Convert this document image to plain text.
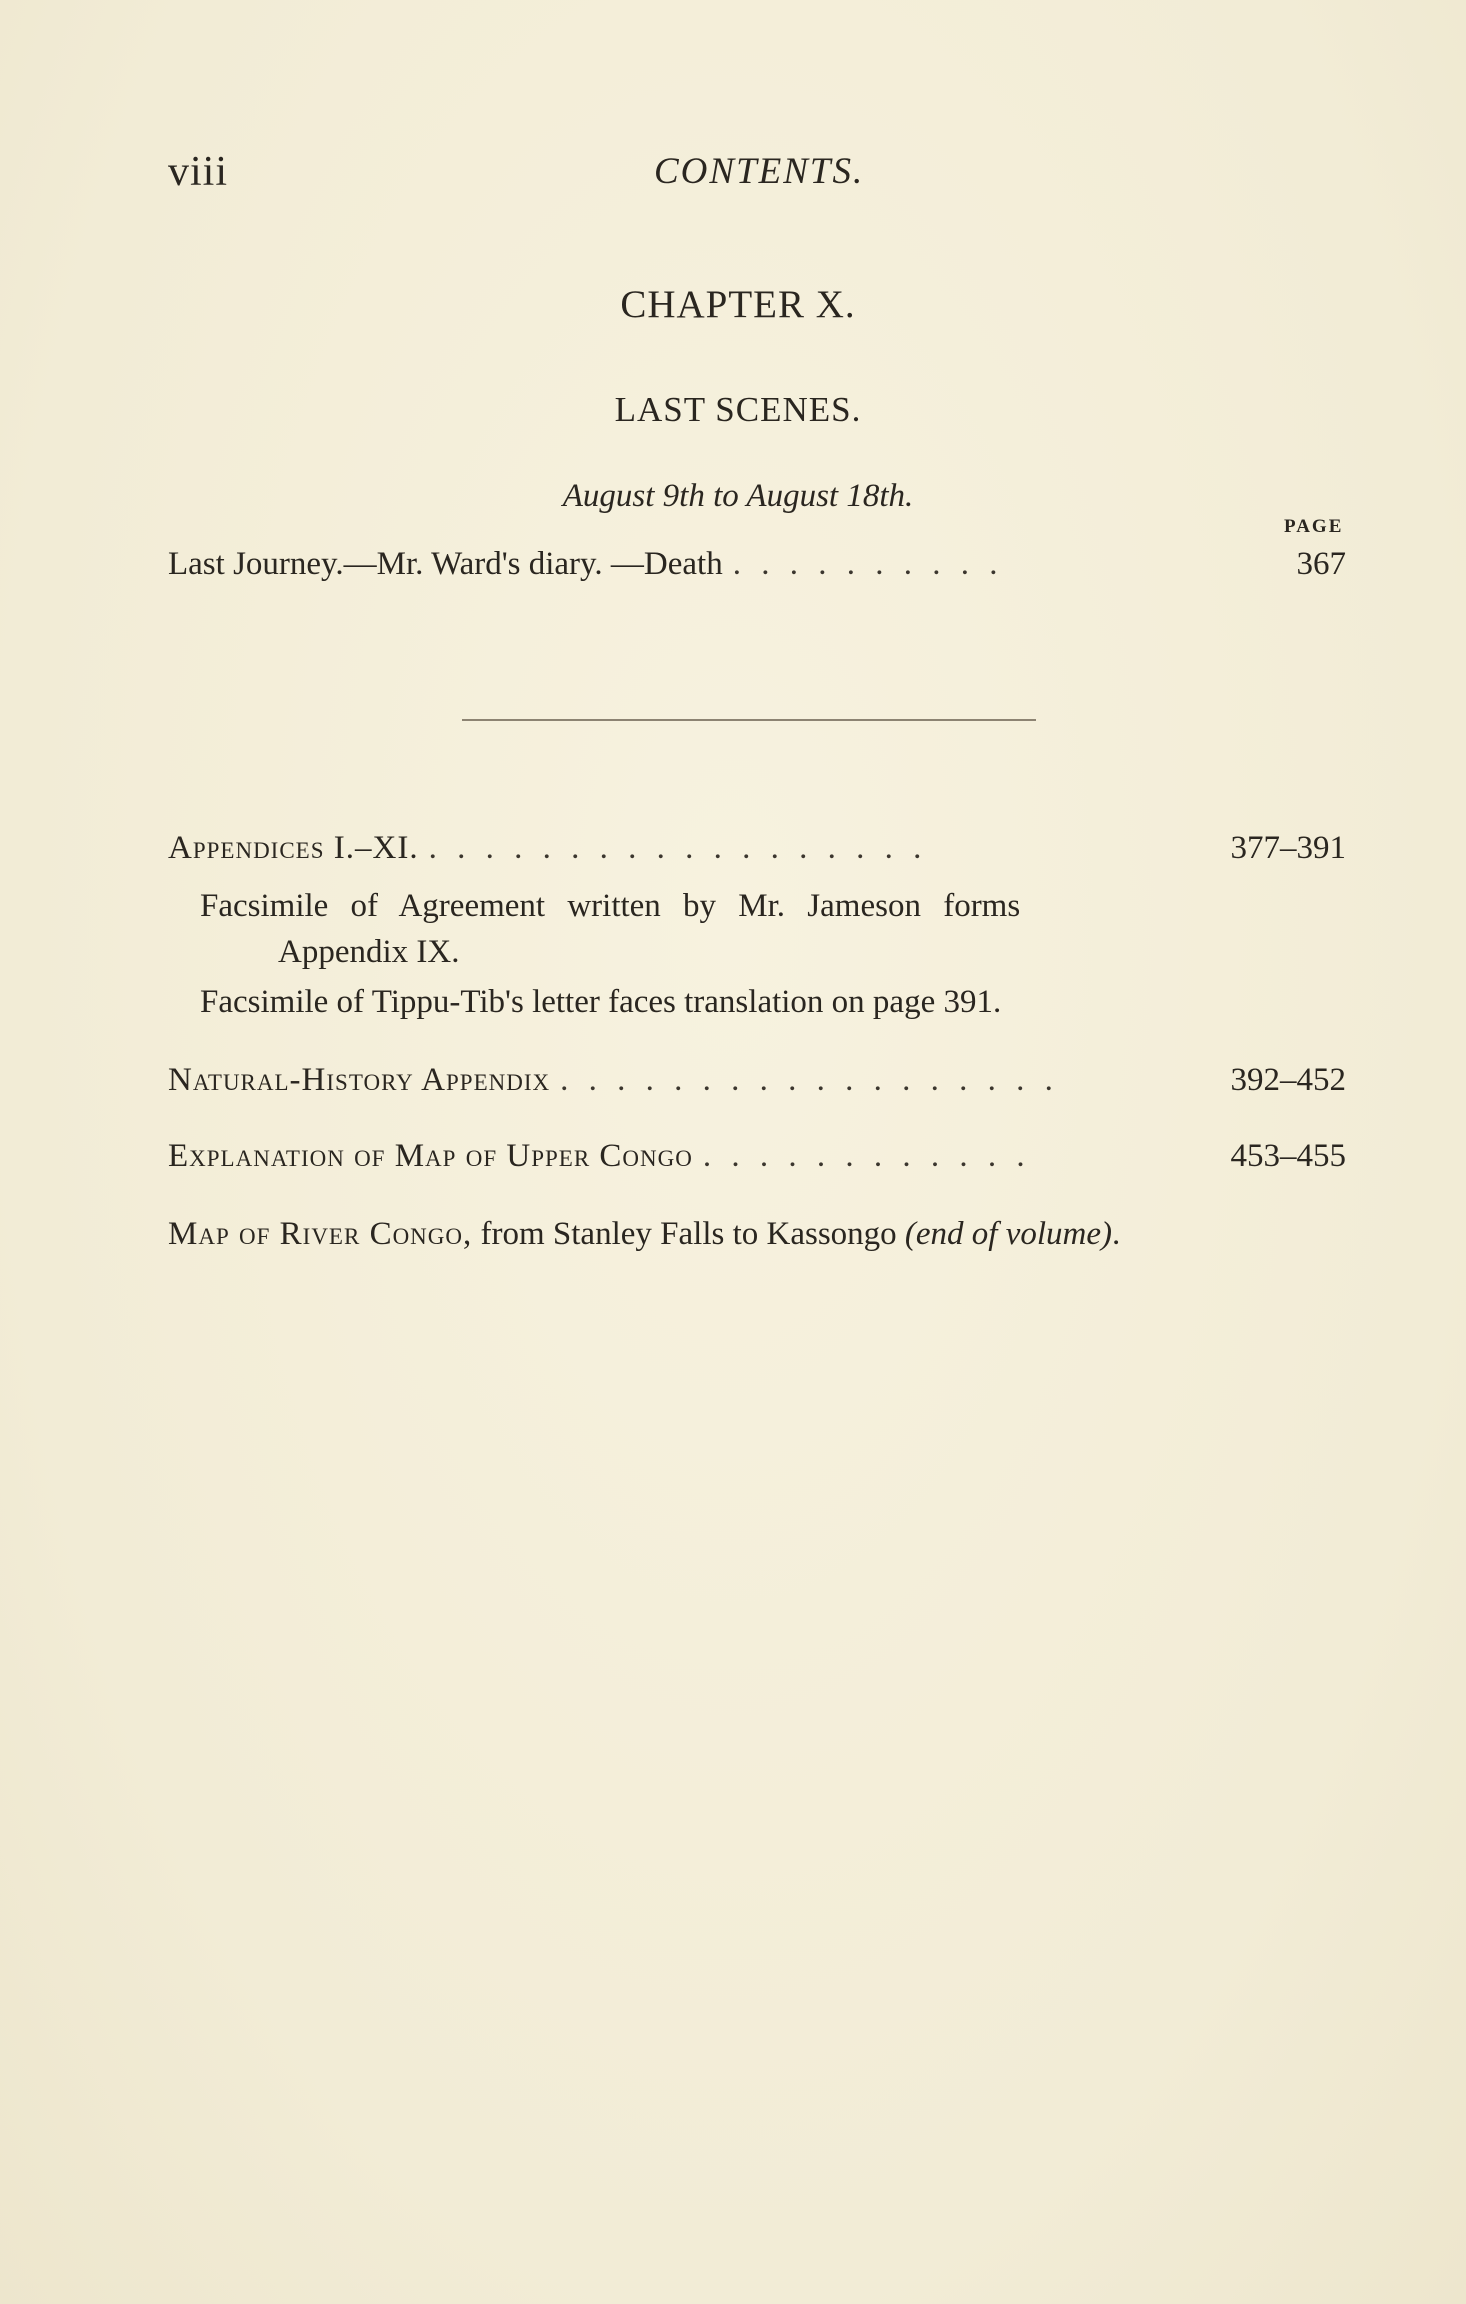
viii	CONTENTS.
CHAPTER X.
LAST SCENES.
August 9th to August 18th.
PAGE
Last Journey.—Mr. Ward's diary. —Death . . . . . . . . . .	367
Appendices I.–XI. . . . . . . . . . . . . . . . . . .	377–391
Facsimile of Agreement written by Mr. Jameson forms
Appendix IX.
Facsimile of Tippu-Tib's letter faces translation on page 391.
Natural-History Appendix . . . . . . . . . . . . . . . . . .	392–452
Explanation of Map of Upper Congo . . . . . . . . . . . .	453–455
Map of River Congo, from Stanley Falls to Kassongo (end of volume).
